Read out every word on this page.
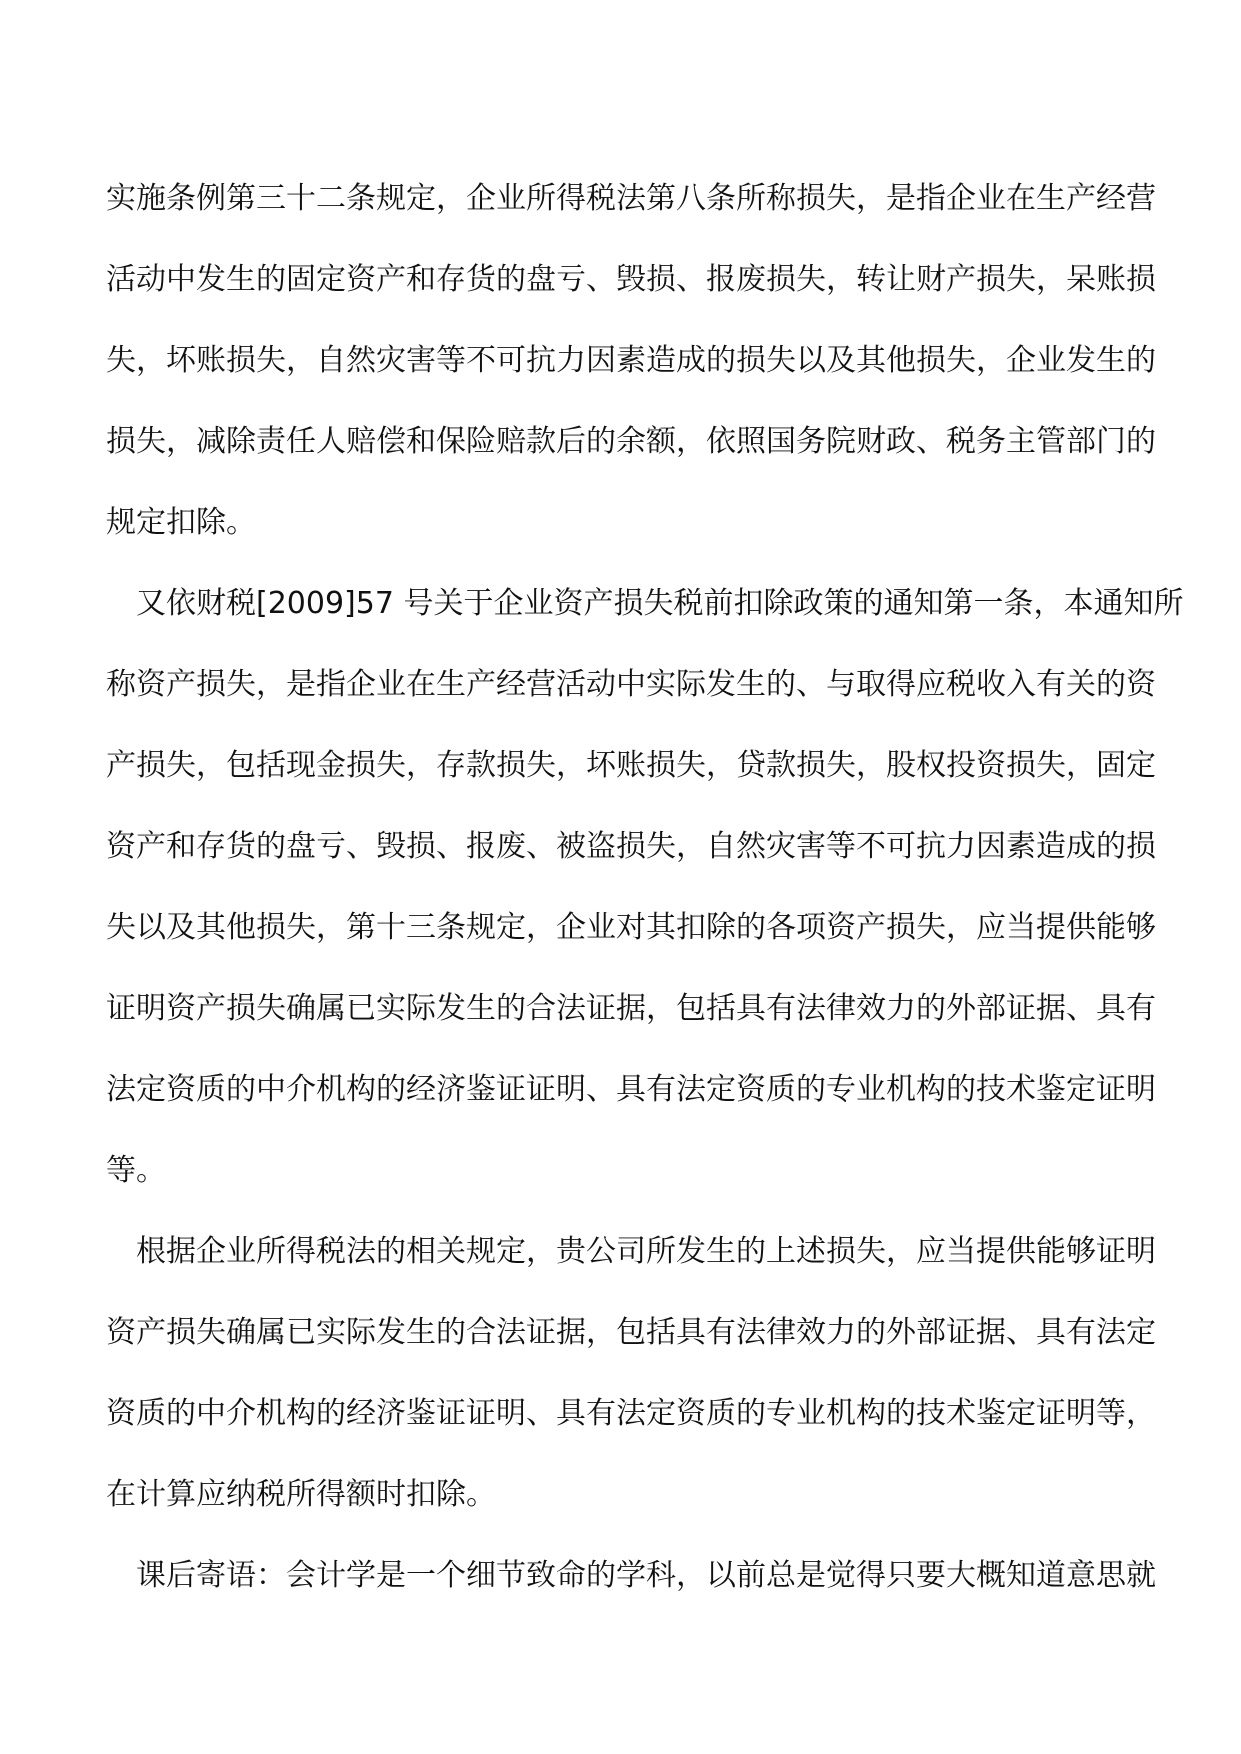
实施条例第三十二条规定，企业所得税法第八条所称损失，是指企业在生产经营
活动中发生的固定资产和存货的盘亏、毁损、报废损失，转让财产损失，呆账损
失，坏账损失，自然灾害等不可抗力因素造成的损失以及其他损失，企业发生的
损失，减除责任人赔偿和保险赔款后的余额，依照国务院财政、税务主管部门的
规定扣除。

又依财税[2009]57 号关于企业资产损失税前扣除政策的通知第一条，本通知所
称资产损失，是指企业在生产经营活动中实际发生的、与取得应税收入有关的资
产损失，包括现金损失，存款损失，坏账损失，贷款损失，股权投资损失，固定
资产和存货的盘亏、毁损、报废、被盗损失，自然灾害等不可抗力因素造成的损
失以及其他损失，第十三条规定，企业对其扣除的各项资产损失，应当提供能够
证明资产损失确属已实际发生的合法证据，包括具有法律效力的外部证据、具有
法定资质的中介机构的经济鉴证证明、具有法定资质的专业机构的技术鉴定证明
等。

根据企业所得税法的相关规定，贵公司所发生的上述损失，应当提供能够证明
资产损失确属已实际发生的合法证据，包括具有法律效力的外部证据、具有法定
资质的中介机构的经济鉴证证明、具有法定资质的专业机构的技术鉴定证明等，
在计算应纳税所得额时扣除。

课后寄语：会计学是一个细节致命的学科，以前总是觉得只要大概知道意思就
